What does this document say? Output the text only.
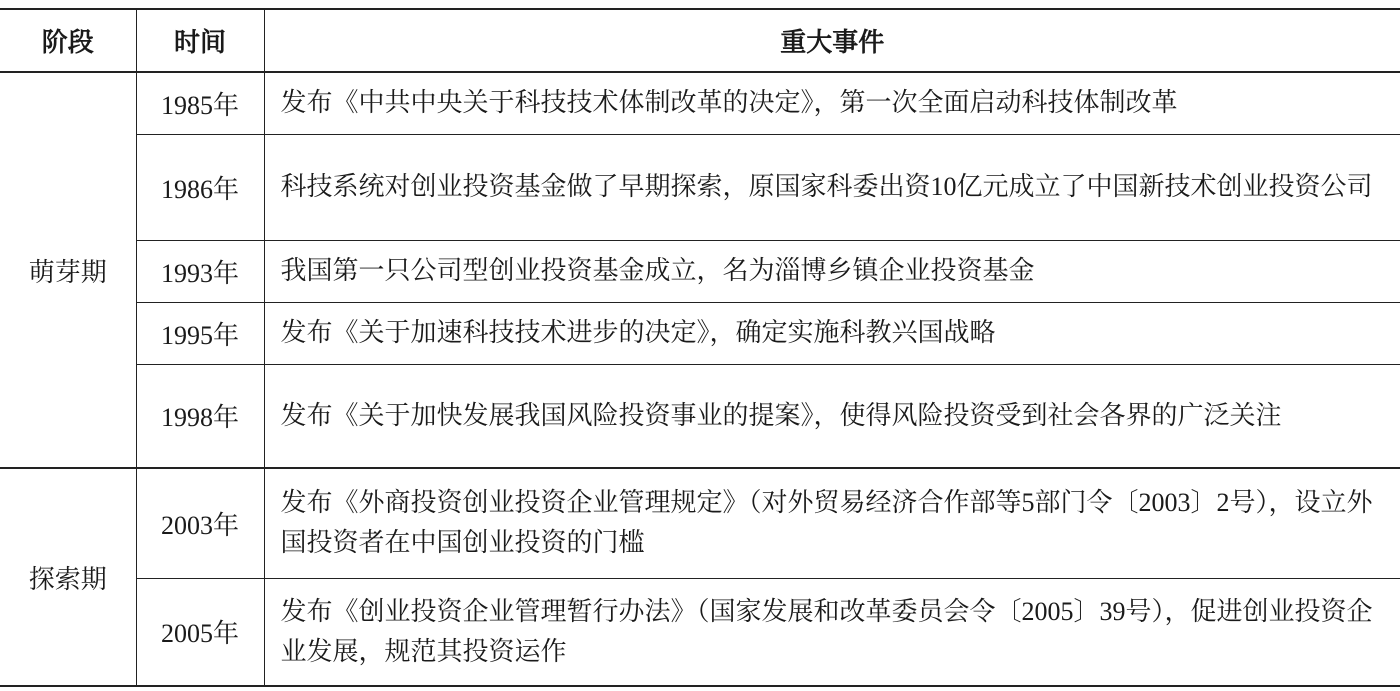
阶段	时间	重大事件
萌芽期	1985年	发布《中共中央关于科技技术体制改革的决定》，第一次全面启动科技体制改革
	1986年	科技系统对创业投资基金做了早期探索，原国家科委出资10亿元成立了中国新技术创业投资公司
	1993年	我国第一只公司型创业投资基金成立，名为淄博乡镇企业投资基金
	1995年	发布《关于加速科技技术进步的决定》，确定实施科教兴国战略
	1998年	发布《关于加快发展我国风险投资事业的提案》，使得风险投资受到社会各界的广泛关注
探索期	2003年	发布《外商投资创业投资企业管理规定》（对外贸易经济合作部等5部门令〔2003〕2号），设立外国投资者在中国创业投资的门槛
	2005年	发布《创业投资企业管理暂行办法》（国家发展和改革委员会令〔2005〕39号），促进创业投资企业发展，规范其投资运作
